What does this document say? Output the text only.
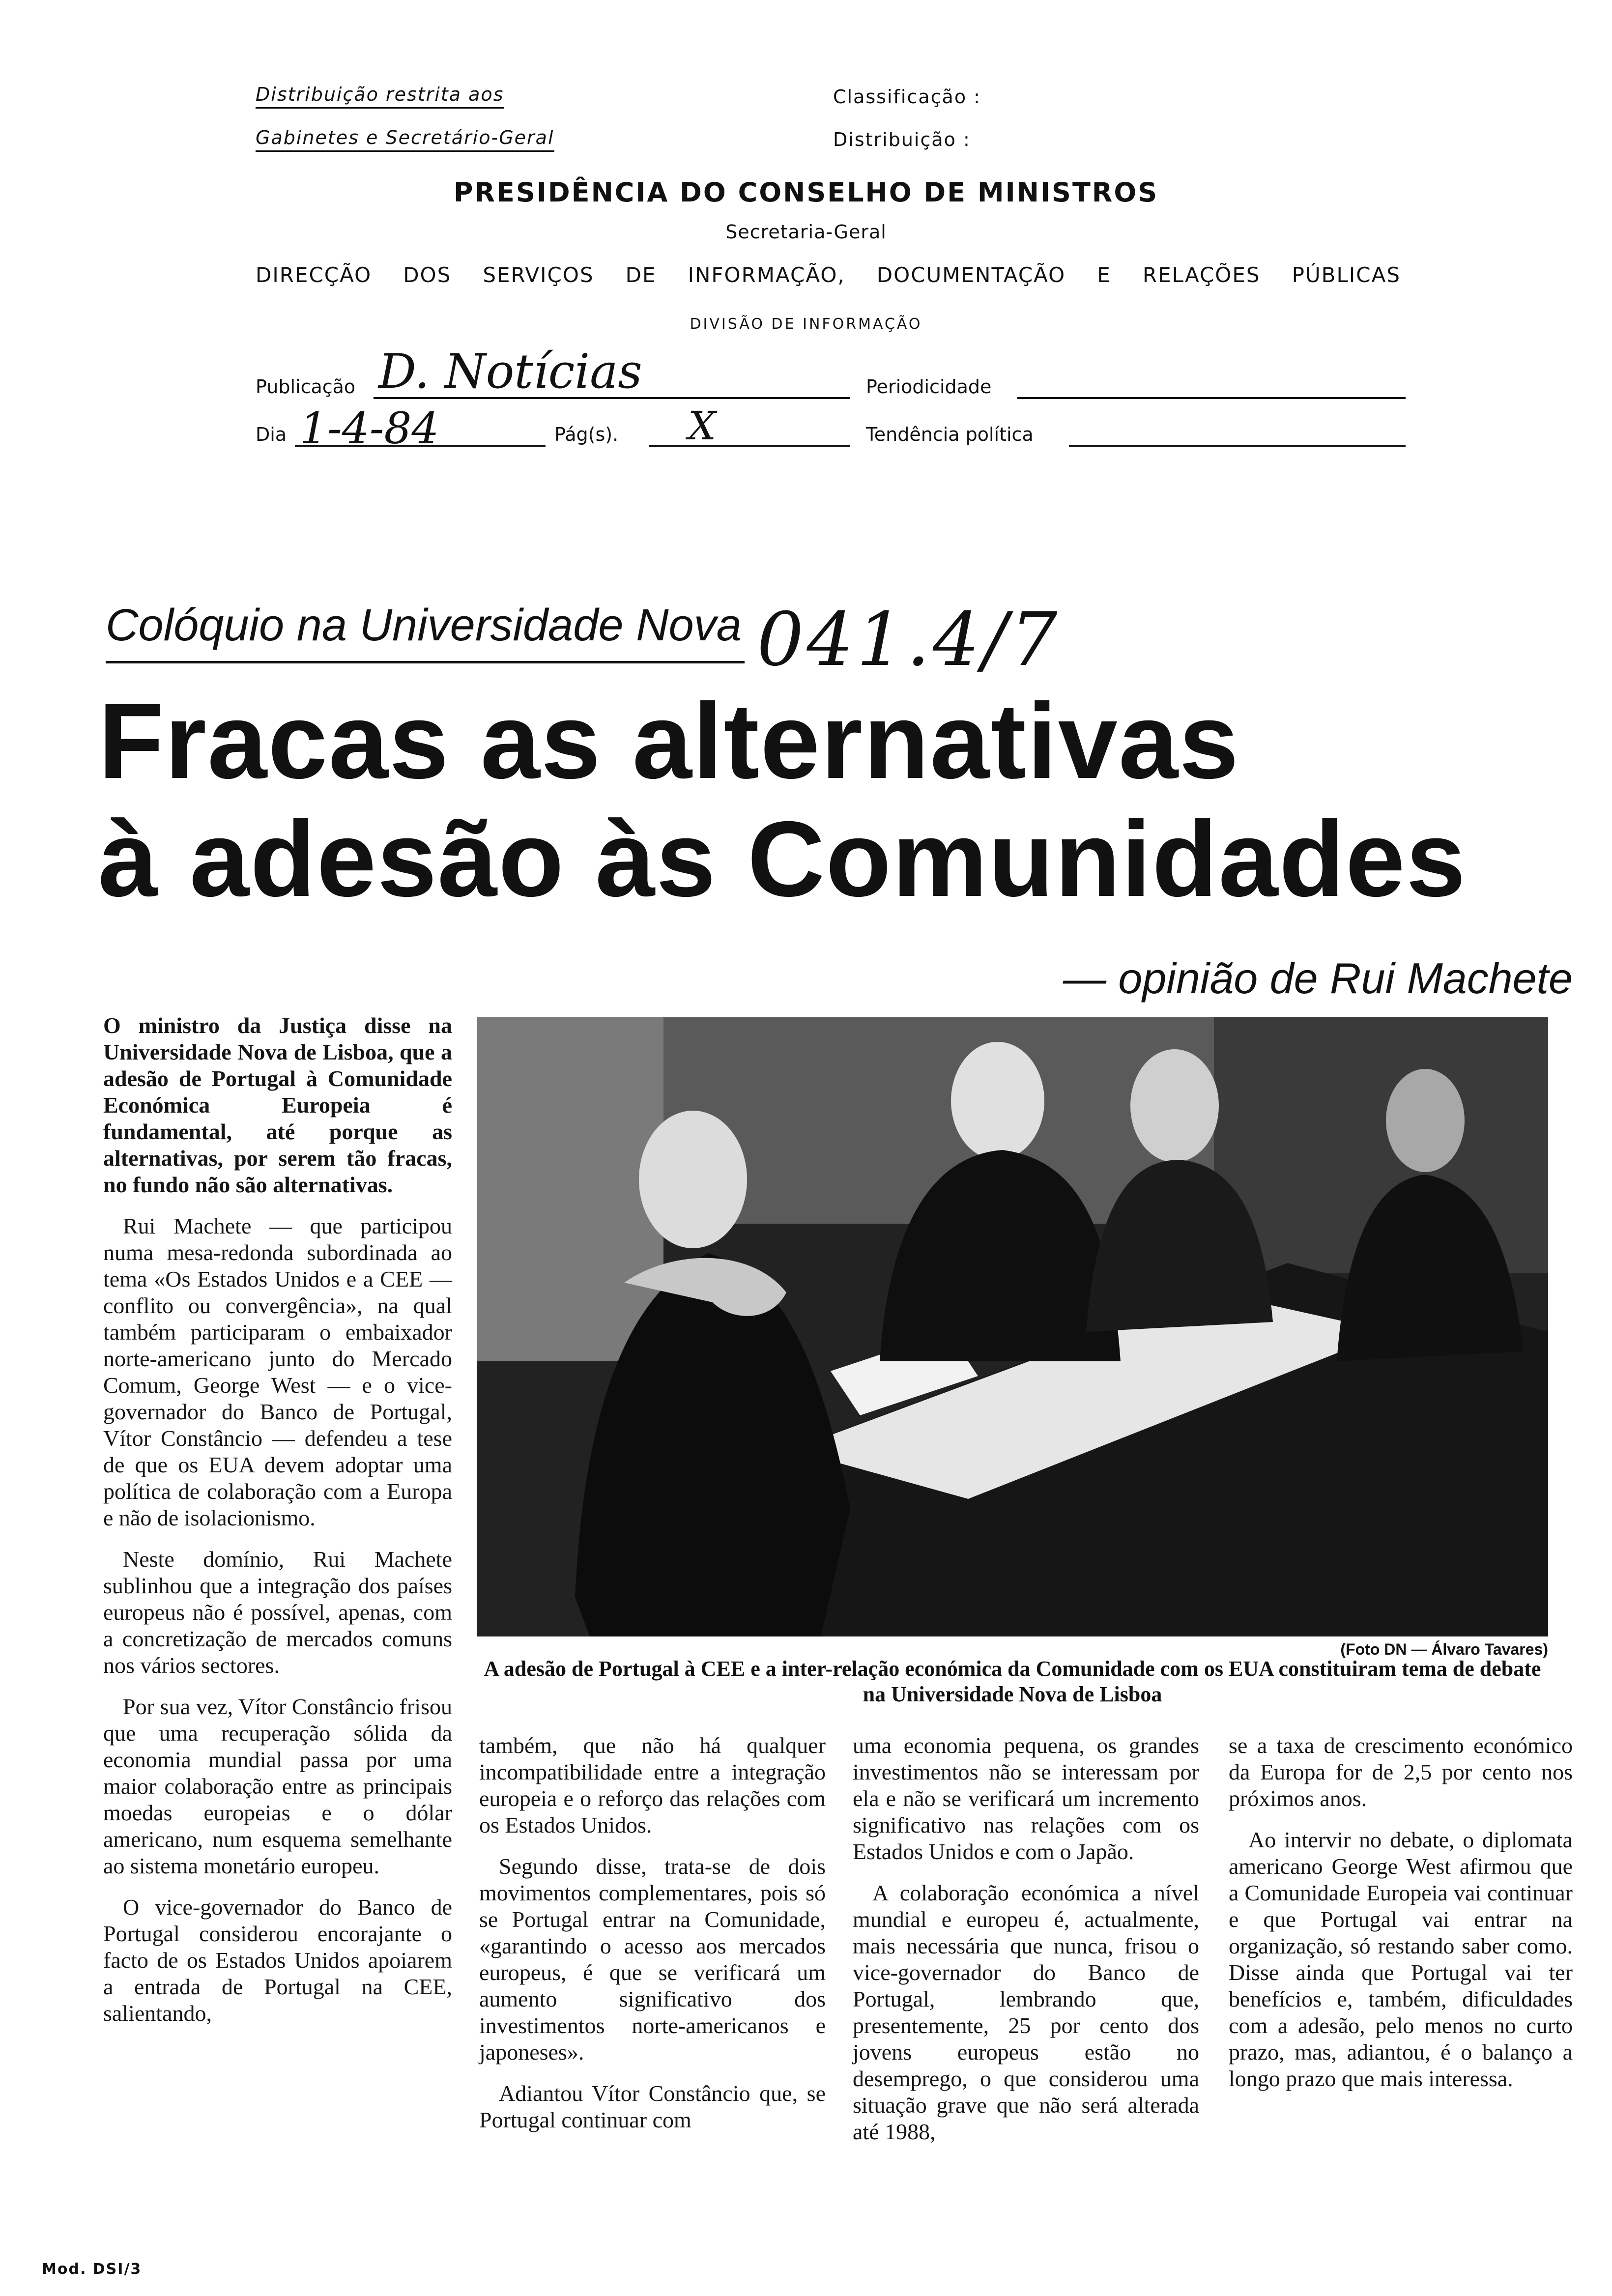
Distribuição restrita aos
Gabinetes e Secretário-Geral
Classificação :
Distribuição :
PRESIDÊNCIA DO CONSELHO DE MINISTROS
Secretaria-Geral
DIRECÇÃO DOS SERVIÇOS DE INFORMAÇÃO, DOCUMENTAÇÃO E RELAÇÕES PÚBLICAS
DIVISÃO DE INFORMAÇÃO
Publicação D. Notícias	Periodicidade
Dia 1-4-84	Pág(s). X	Tendência política
Colóquio na Universidade Nova 041.4/7
Fracas as alternativas
à adesão às Comunidades
— opinião de Rui Machete

O ministro da Justiça disse na Universidade Nova de Lisboa, que a adesão de Portugal à Comunidade Económica Europeia é fundamental, até porque as alternativas, por serem tão fracas, no fundo não são alternativas.

Rui Machete — que participou numa mesa-redonda subordinada ao tema «Os Estados Unidos e a CEE — conflito ou convergência», na qual também participaram o embaixador norte-americano junto do Mercado Comum, George West — e o vice-governador do Banco de Portugal, Vítor Constâncio — defendeu a tese de que os EUA devem adoptar uma política de colaboração com a Europa e não de isolacionismo.

Neste domínio, Rui Machete sublinhou que a integração dos países europeus não é possível, apenas, com a concretização de mercados comuns nos vários sectores.

Por sua vez, Vítor Constâncio frisou que uma recuperação sólida da economia mundial passa por uma maior colaboração entre as principais moedas europeias e o dólar americano, num esquema semelhante ao sistema monetário europeu.

O vice-governador do Banco de Portugal considerou encorajante o facto de os Estados Unidos apoiarem a entrada de Portugal na CEE, salientando,

(Foto DN — Álvaro Tavares)
A adesão de Portugal à CEE e a inter-relação económica da Comunidade com os EUA constituiram tema de debate na Universidade Nova de Lisboa

também, que não há qualquer incompatibilidade entre a integração europeia e o reforço das relações com os Estados Unidos.

Segundo disse, trata-se de dois movimentos complementares, pois só se Portugal entrar na Comunidade, «garantindo o acesso aos mercados europeus, é que se verificará um aumento significativo dos investimentos norte-americanos e japoneses».

Adiantou Vítor Constâncio que, se Portugal continuar com

uma economia pequena, os grandes investimentos não se interessam por ela e não se verificará um incremento significativo nas relações com os Estados Unidos e com o Japão.

A colaboração económica a nível mundial e europeu é, actualmente, mais necessária que nunca, frisou o vice-governador do Banco de Portugal, lembrando que, presentemente, 25 por cento dos jovens europeus estão no desemprego, o que considerou uma situação grave que não será alterada até 1988,

se a taxa de crescimento económico da Europa for de 2,5 por cento nos próximos anos.

Ao intervir no debate, o diplomata americano George West afirmou que a Comunidade Europeia vai continuar e que Portugal vai entrar na organização, só restando saber como. Disse ainda que Portugal vai ter benefícios e, também, dificuldades com a adesão, pelo menos no curto prazo, mas, adiantou, é o balanço a longo prazo que mais interessa.

Mod. DSI/3
